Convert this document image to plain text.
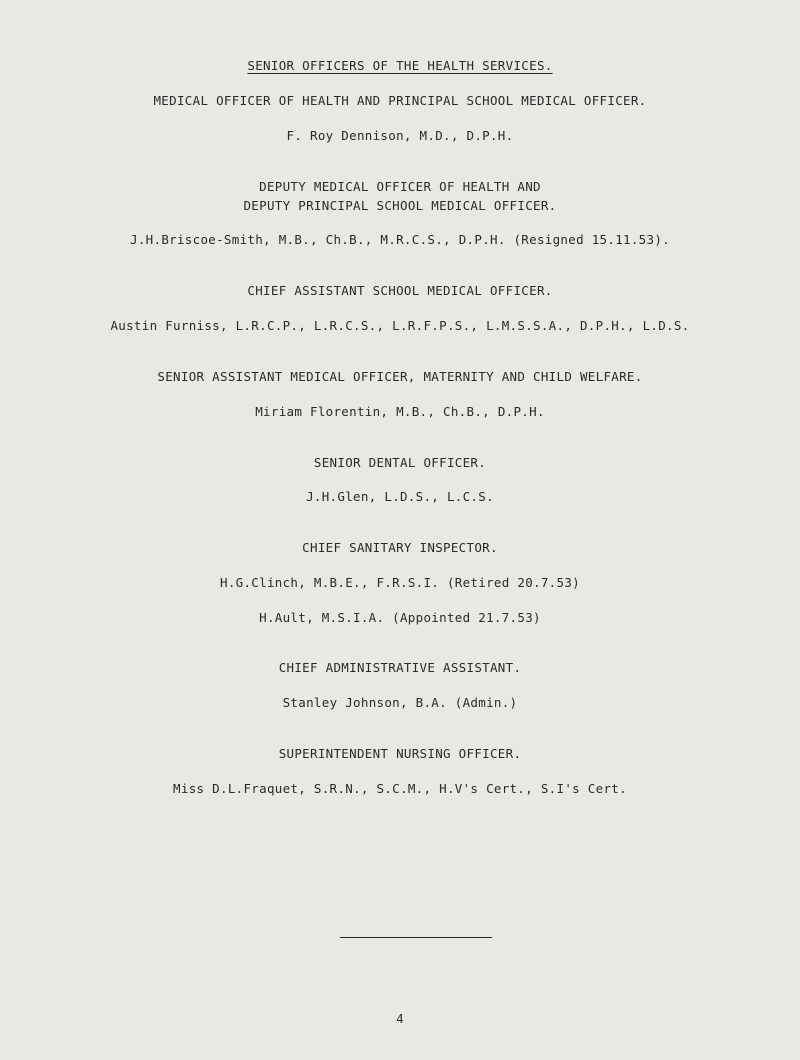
SENIOR OFFICERS OF THE HEALTH SERVICES.
MEDICAL OFFICER OF HEALTH AND PRINCIPAL SCHOOL MEDICAL OFFICER.
F. Roy Dennison, M.D., D.P.H.
DEPUTY MEDICAL OFFICER OF HEALTH AND
DEPUTY PRINCIPAL SCHOOL MEDICAL OFFICER.
J.H.Briscoe-Smith, M.B., Ch.B., M.R.C.S., D.P.H. (Resigned 15.11.53).
CHIEF ASSISTANT SCHOOL MEDICAL OFFICER.
Austin Furniss, L.R.C.P., L.R.C.S., L.R.F.P.S., L.M.S.S.A., D.P.H., L.D.S.
SENIOR ASSISTANT MEDICAL OFFICER, MATERNITY AND CHILD WELFARE.
Miriam Florentin, M.B., Ch.B., D.P.H.
SENIOR DENTAL OFFICER.
J.H.Glen, L.D.S., L.C.S.
CHIEF SANITARY INSPECTOR.
H.G.Clinch, M.B.E., F.R.S.I. (Retired 20.7.53)
H.Ault, M.S.I.A. (Appointed 21.7.53)
CHIEF ADMINISTRATIVE ASSISTANT.
Stanley Johnson, B.A. (Admin.)
SUPERINTENDENT NURSING OFFICER.
Miss D.L.Fraquet, S.R.N., S.C.M., H.V's Cert., S.I's Cert.
4
